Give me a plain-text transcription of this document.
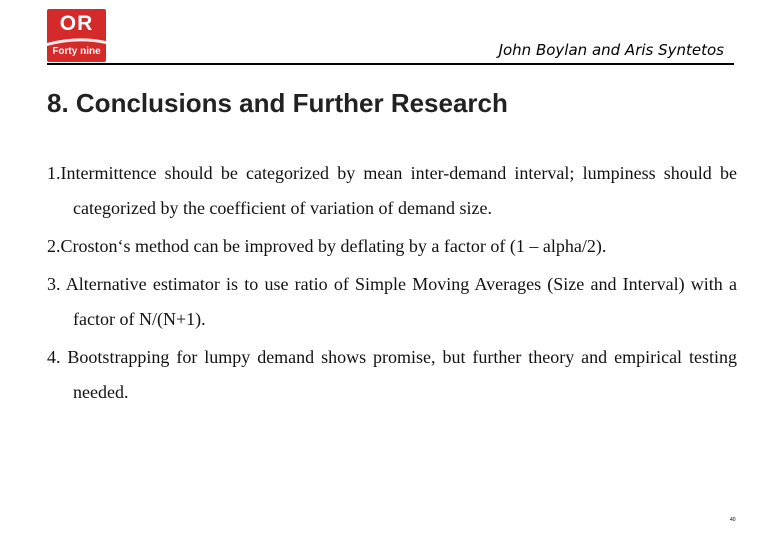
OR
Forty nine	John Boylan and Aris Syntetos
8. Conclusions and Further Research

1.Intermittence should be categorized by mean inter-demand interval; lumpiness should be categorized by the coefficient of variation of demand size.

2.Croston‘s method can be improved by deflating by a factor of (1 – alpha/2).

3. Alternative estimator is to use ratio of Simple Moving Averages (Size and Interval) with a factor of N/(N+1).

4. Bootstrapping for lumpy demand shows promise, but further theory and empirical testing needed.

40
